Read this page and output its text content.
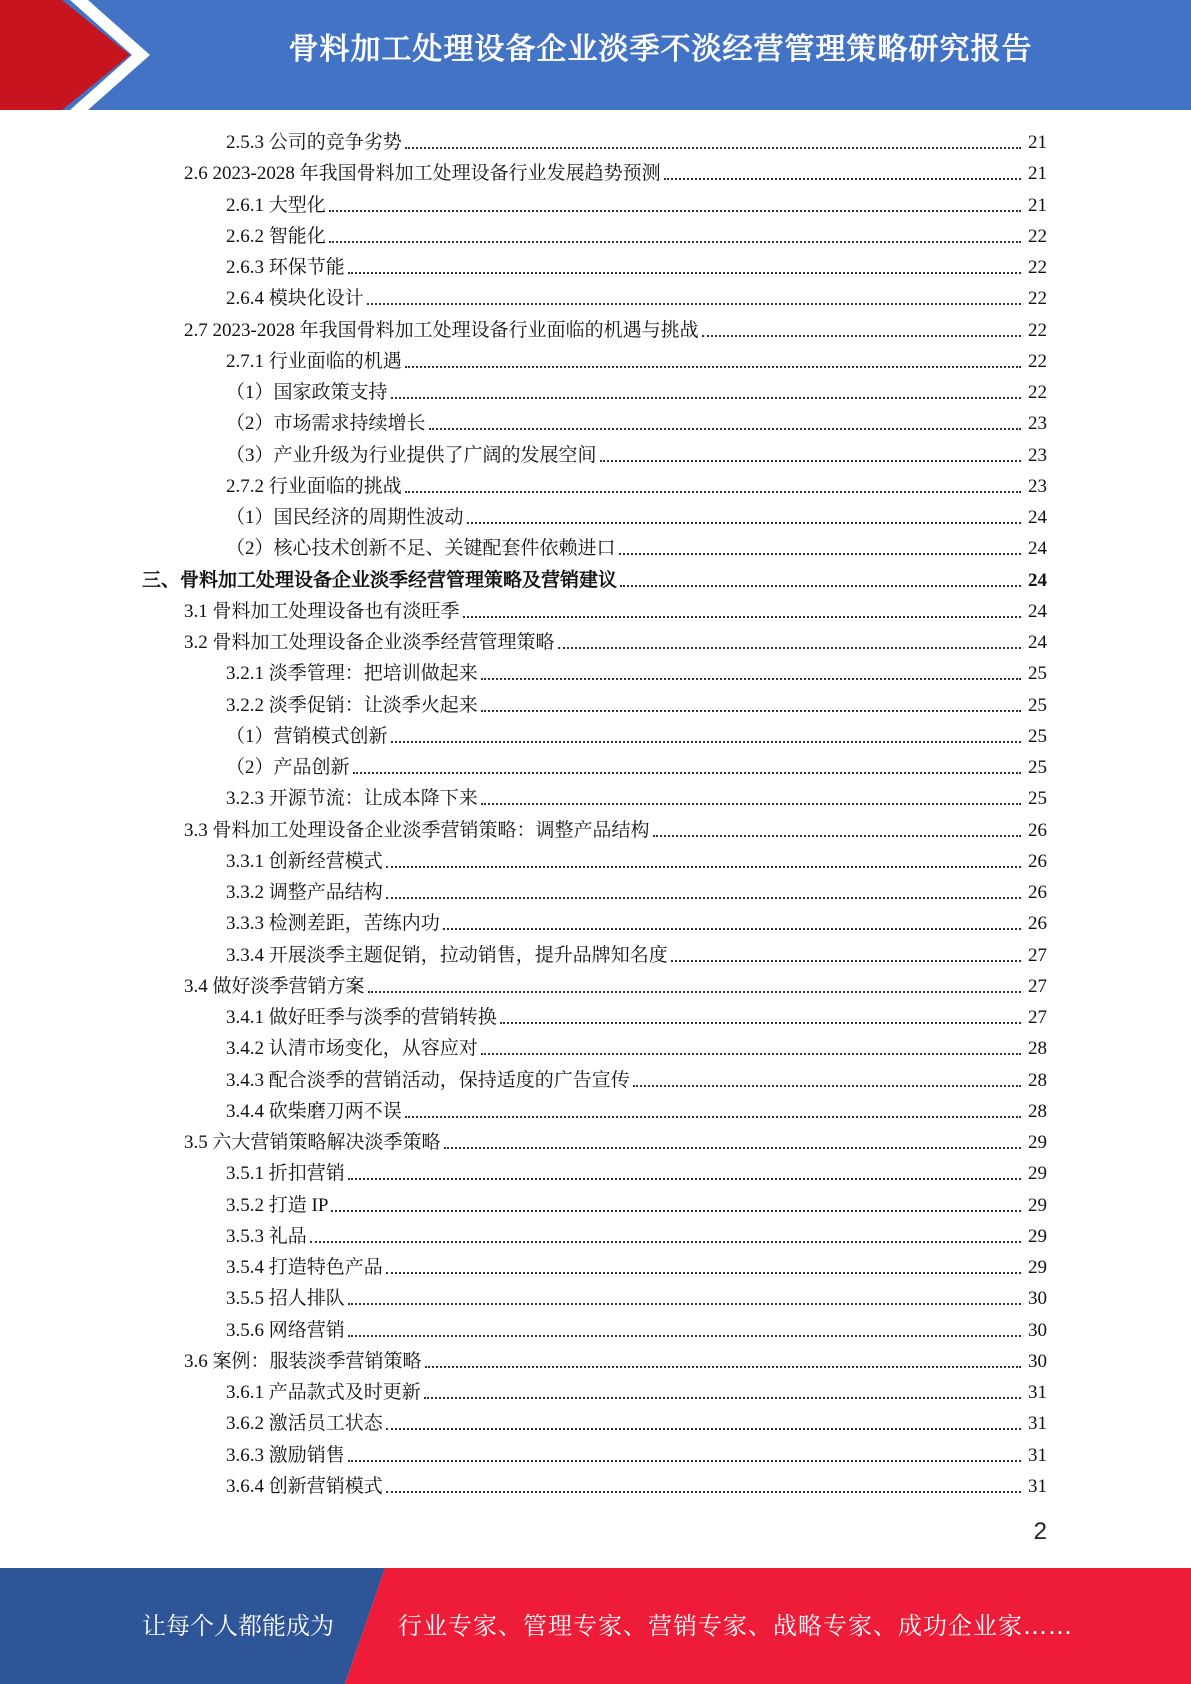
骨料加工处理设备企业淡季不淡经营管理策略研究报告
2.5.3 公司的竞争劣势	21
2.6 2023-2028 年我国骨料加工处理设备行业发展趋势预测	21
2.6.1 大型化	21
2.6.2 智能化	22
2.6.3 环保节能	22
2.6.4 模块化设计	22
2.7 2023-2028 年我国骨料加工处理设备行业面临的机遇与挑战	22
2.7.1 行业面临的机遇	22
（1）国家政策支持	22
（2）市场需求持续增长	23
（3）产业升级为行业提供了广阔的发展空间	23
2.7.2 行业面临的挑战	23
（1）国民经济的周期性波动	24
（2）核心技术创新不足、关键配套件依赖进口	24
三、骨料加工处理设备企业淡季经营管理策略及营销建议	24
3.1 骨料加工处理设备也有淡旺季	24
3.2 骨料加工处理设备企业淡季经营管理策略	24
3.2.1 淡季管理：把培训做起来	25
3.2.2 淡季促销：让淡季火起来	25
（1）营销模式创新	25
（2）产品创新	25
3.2.3 开源节流：让成本降下来	25
3.3 骨料加工处理设备企业淡季营销策略：调整产品结构	26
3.3.1 创新经营模式	26
3.3.2 调整产品结构	26
3.3.3 检测差距，苦练内功	26
3.3.4 开展淡季主题促销，拉动销售，提升品牌知名度	27
3.4 做好淡季营销方案	27
3.4.1 做好旺季与淡季的营销转换	27
3.4.2 认清市场变化，从容应对	28
3.4.3 配合淡季的营销活动，保持适度的广告宣传	28
3.4.4 砍柴磨刀两不误	28
3.5 六大营销策略解决淡季策略	29
3.5.1 折扣营销	29
3.5.2 打造 IP	29
3.5.3 礼品	29
3.5.4 打造特色产品	29
3.5.5 招人排队	30
3.5.6 网络营销	30
3.6 案例：服装淡季营销策略	30
3.6.1 产品款式及时更新	31
3.6.2 激活员工状态	31
3.6.3 激励销售	31
3.6.4 创新营销模式	31
2
让每个人都能成为	行业专家、管理专家、营销专家、战略专家、成功企业家……
